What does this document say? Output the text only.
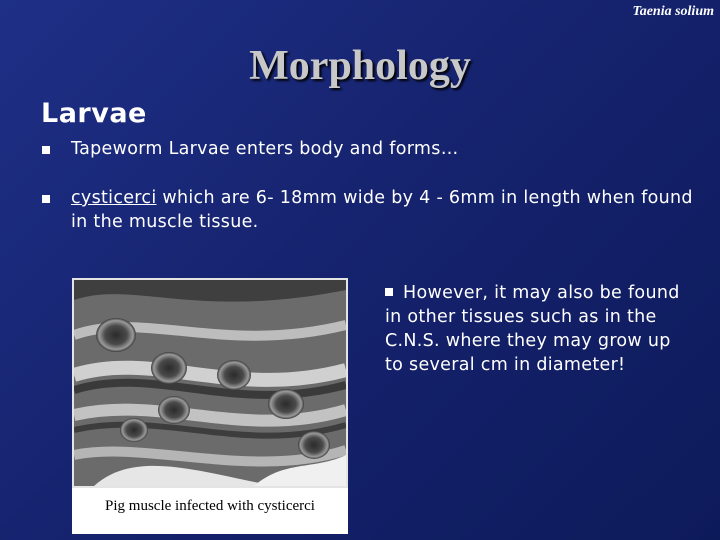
Taenia solium
Morphology
Larvae
Tapeworm Larvae enters body and forms…
cysticerci which are 6- 18mm wide by 4 - 6mm in length when found in the muscle tissue.
Pig muscle infected with cysticerci
However, it may also be found in other tissues such as in the C.N.S. where they may grow up to several cm in diameter!
